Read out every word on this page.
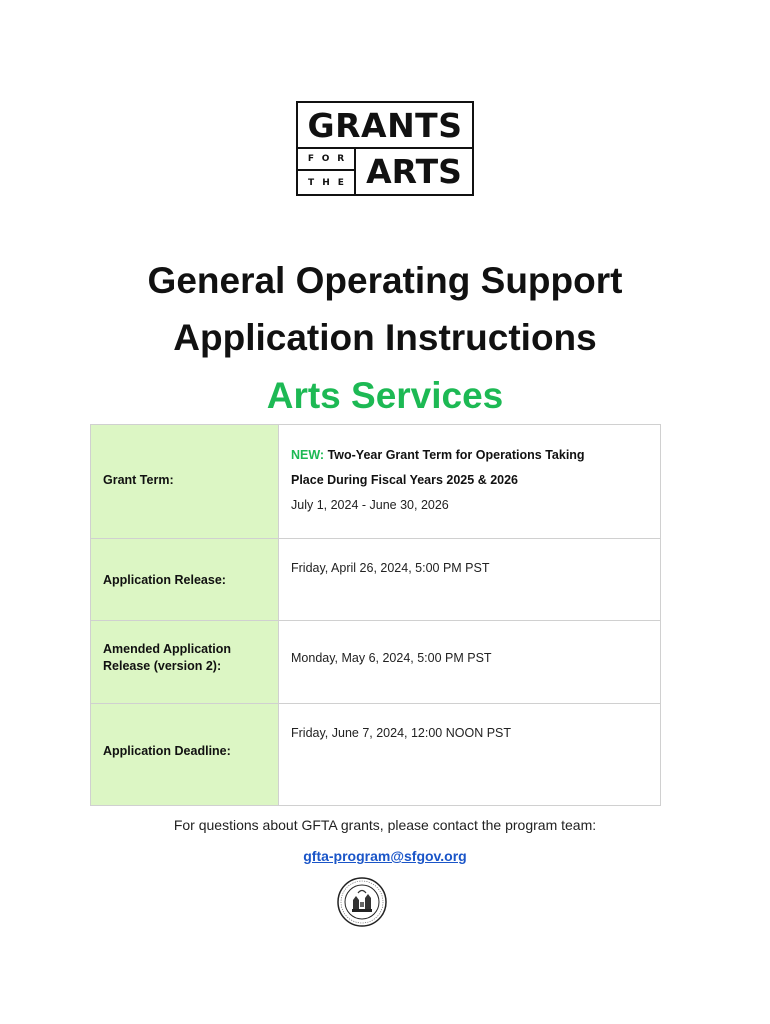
GRANTS
F O R
T H E ARTS
General Operating Support
Application Instructions
Arts Services
Grant Term:
NEW: Two-Year Grant Term for Operations Taking
Place During Fiscal Years 2025 & 2026
July 1, 2024 - June 30, 2026
Application Release:
Friday, April 26, 2024, 5:00 PM PST
Amended Application
Release (version 2):
Monday, May 6, 2024, 5:00 PM PST
Application Deadline:
Friday, June 7, 2024, 12:00 NOON PST
For questions about GFTA grants, please contact the program team:
gfta-program@sfgov.org
